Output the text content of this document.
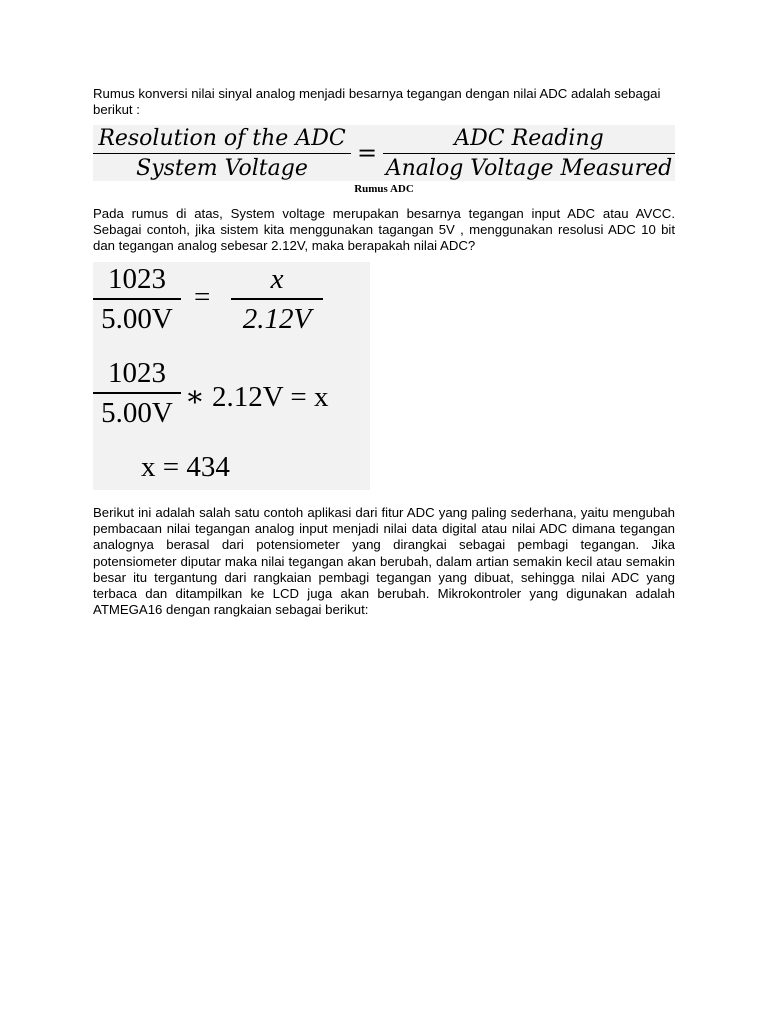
Rumus konversi nilai sinyal analog menjadi besarnya tegangan dengan nilai ADC adalah sebagai berikut :

Resolution of the ADC
System Voltage
=
ADC Reading
Analog Voltage Measured

Rumus ADC

Pada rumus di atas, System voltage merupakan besarnya tegangan input ADC atau AVCC. Sebagai contoh, jika sistem kita menggunakan tagangan 5V , menggunakan resolusi ADC 10 bit dan tegangan analog sebesar 2.12V, maka berapakah nilai ADC?

1023
5.00V
=
x
2.12V
1023
5.00V ∗ 2.12V = x
x = 434

Berikut ini adalah salah satu contoh aplikasi dari fitur ADC yang paling sederhana, yaitu mengubah pembacaan nilai tegangan analog input menjadi nilai data digital atau nilai ADC dimana tegangan analognya berasal dari potensiometer yang dirangkai sebagai pembagi tegangan. Jika potensiometer diputar maka nilai tegangan akan berubah, dalam artian semakin kecil atau semakin besar itu tergantung dari rangkaian pembagi tegangan yang dibuat, sehingga nilai ADC yang terbaca dan ditampilkan ke LCD juga akan berubah. Mikrokontroler yang digunakan adalah ATMEGA16 dengan rangkaian sebagai berikut:
